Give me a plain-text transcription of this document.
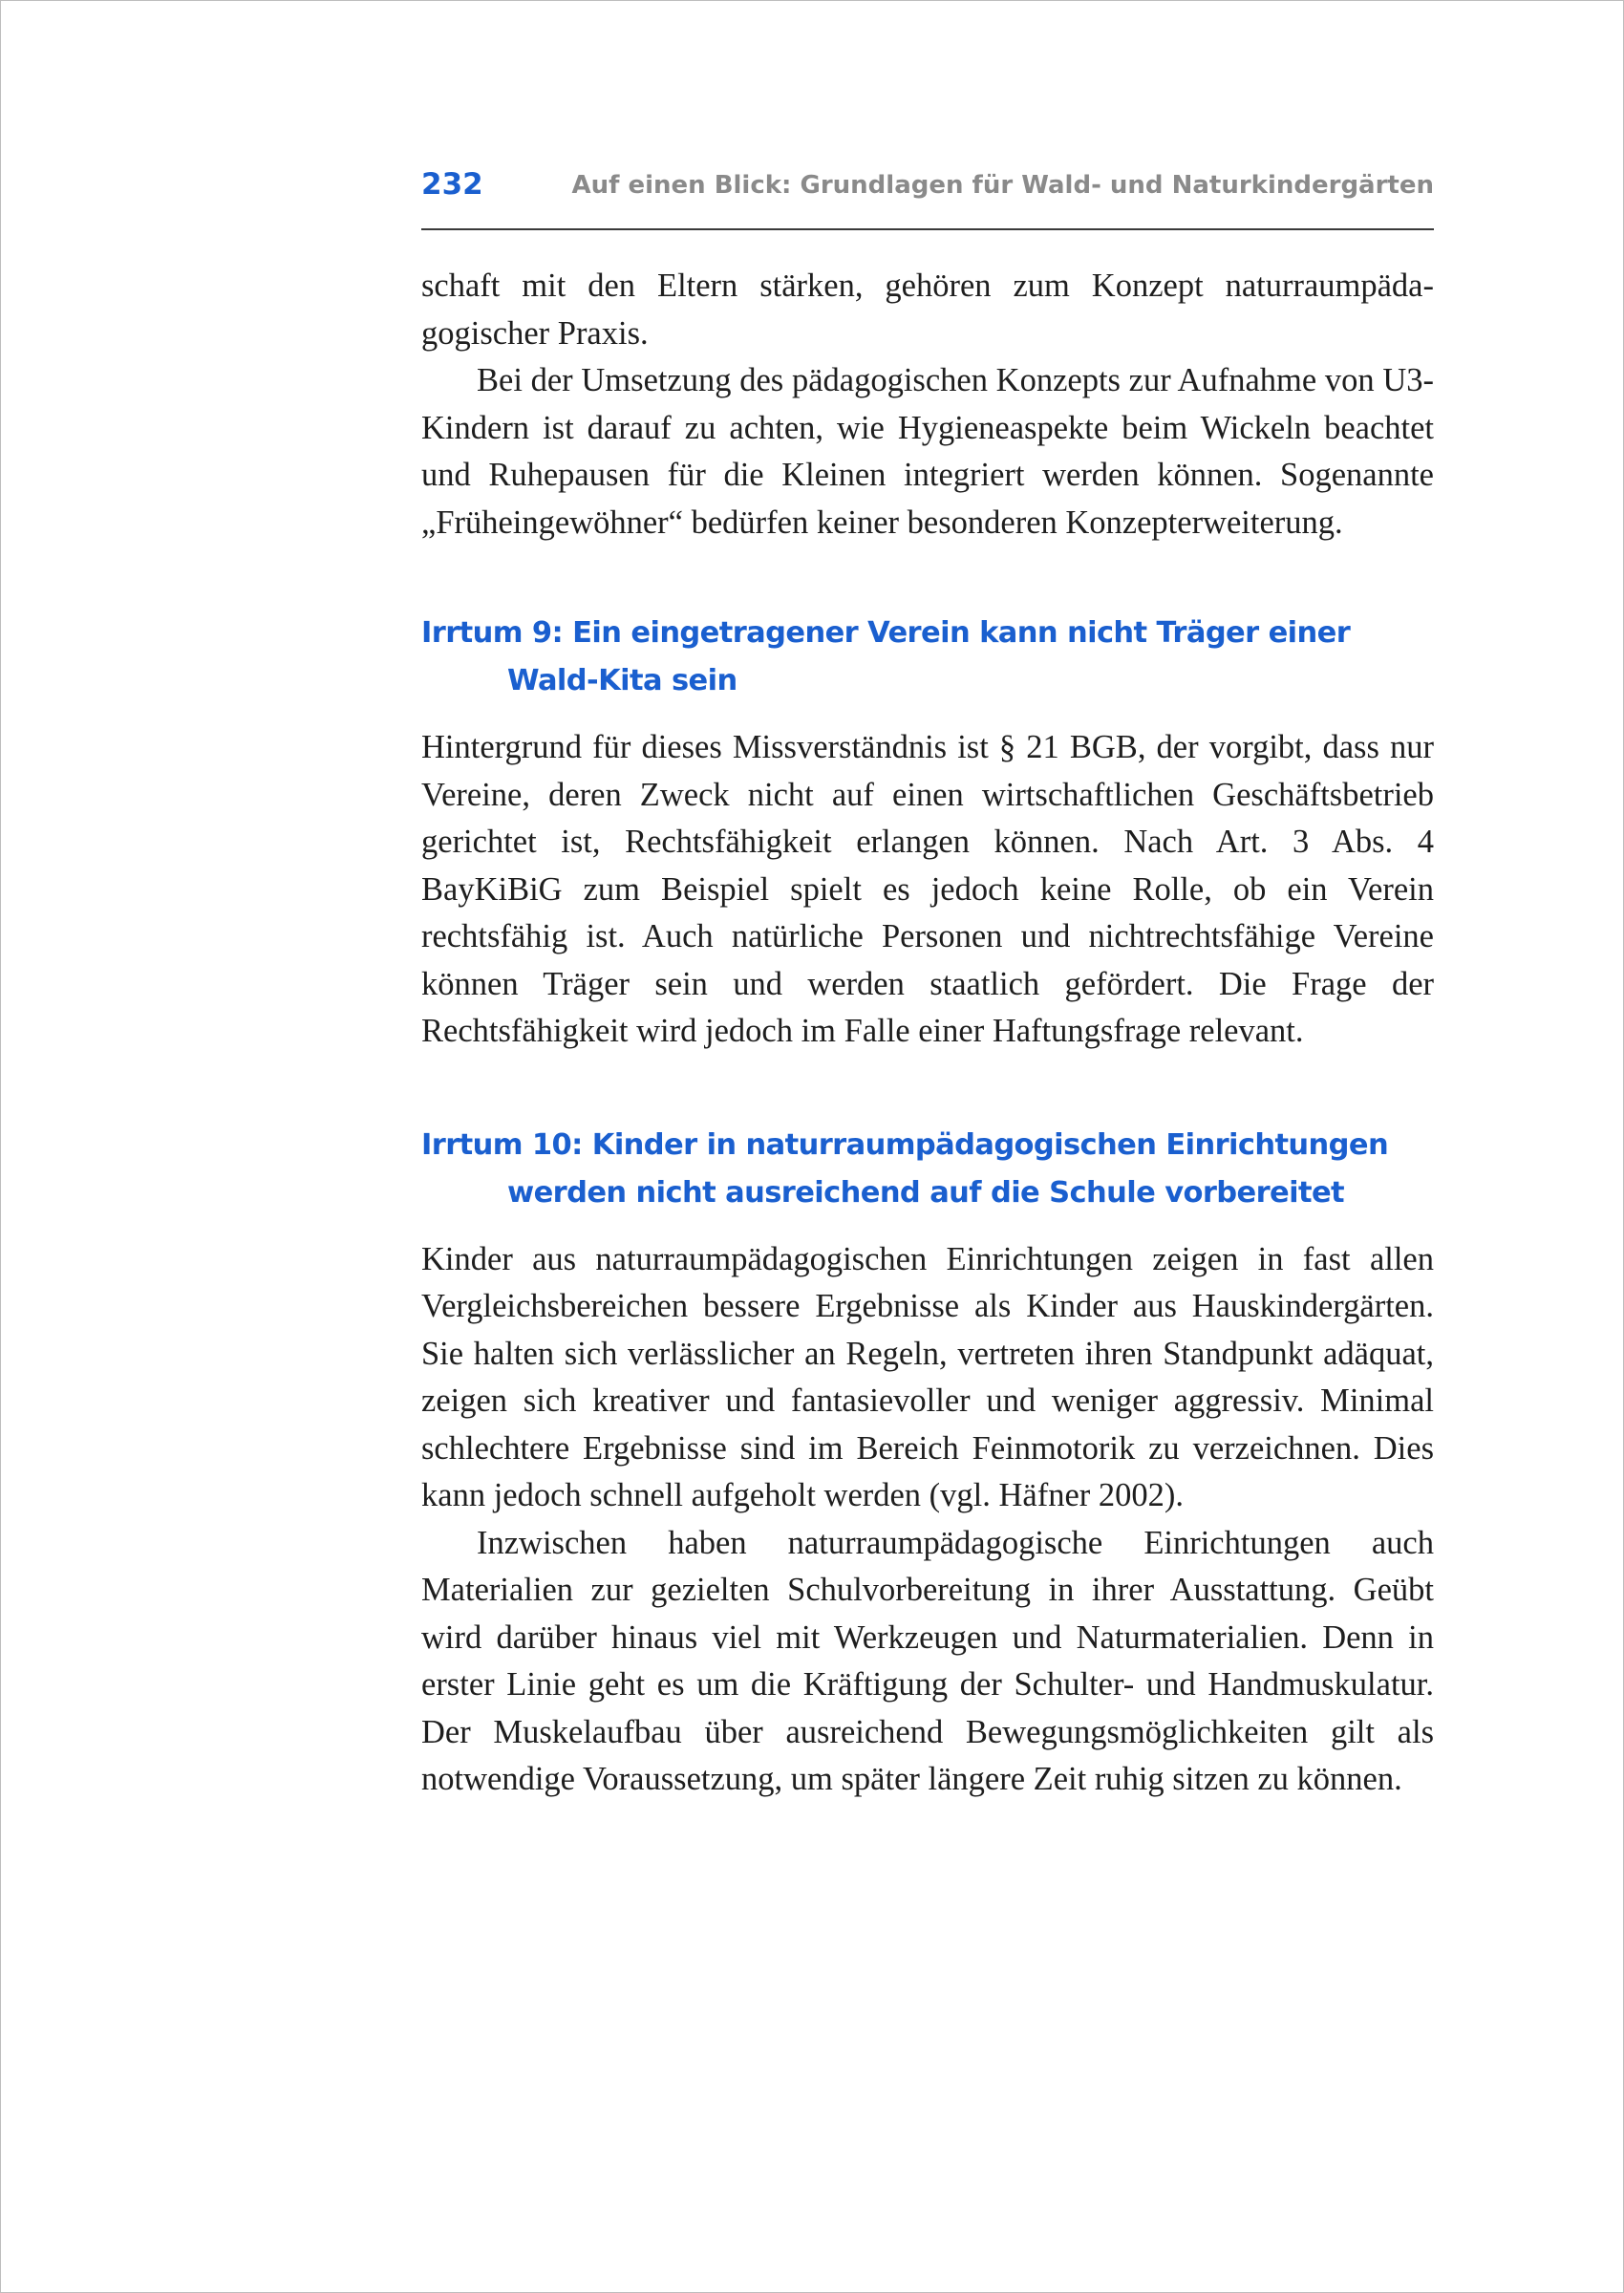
232	Auf einen Blick: Grundlagen für Wald- und Naturkindergärten

schaft mit den Eltern stärken, gehören zum Konzept naturraumpädagogischer Praxis.

Bei der Umsetzung des pädagogischen Konzepts zur Aufnahme von U3-Kindern ist darauf zu achten, wie Hygieneaspekte beim Wickeln beachtet und Ruhepausen für die Kleinen integriert werden können. Sogenannte „Früheingewöhner“ bedürfen keiner besonderen Konzepterweiterung.

Irrtum 9: Ein eingetragener Verein kann nicht Träger einer Wald-Kita sein

Hintergrund für dieses Missverständnis ist § 21 BGB, der vorgibt, dass nur Vereine, deren Zweck nicht auf einen wirtschaftlichen Geschäftsbetrieb gerichtet ist, Rechtsfähigkeit erlangen können. Nach Art. 3 Abs. 4 BayKiBiG zum Beispiel spielt es jedoch keine Rolle, ob ein Verein rechtsfähig ist. Auch natürliche Personen und nichtrechtsfähige Vereine können Träger sein und werden staatlich gefördert. Die Frage der Rechtsfähigkeit wird jedoch im Falle einer Haftungsfrage relevant.

Irrtum 10: Kinder in naturraumpädagogischen Einrichtungen werden nicht ausreichend auf die Schule vorbereitet

Kinder aus naturraumpädagogischen Einrichtungen zeigen in fast allen Vergleichsbereichen bessere Ergebnisse als Kinder aus Hauskindergärten. Sie halten sich verlässlicher an Regeln, vertreten ihren Standpunkt adäquat, zeigen sich kreativer und fantasievoller und weniger aggressiv. Minimal schlechtere Ergebnisse sind im Bereich Feinmotorik zu verzeichnen. Dies kann jedoch schnell aufgeholt werden (vgl. Häfner 2002).

Inzwischen haben naturraumpädagogische Einrichtungen auch Materialien zur gezielten Schulvorbereitung in ihrer Ausstattung. Geübt wird darüber hinaus viel mit Werkzeugen und Naturmaterialien. Denn in erster Linie geht es um die Kräftigung der Schulter- und Handmuskulatur. Der Muskelaufbau über ausreichend Bewegungsmöglichkeiten gilt als notwendige Voraussetzung, um später längere Zeit ruhig sitzen zu können.
